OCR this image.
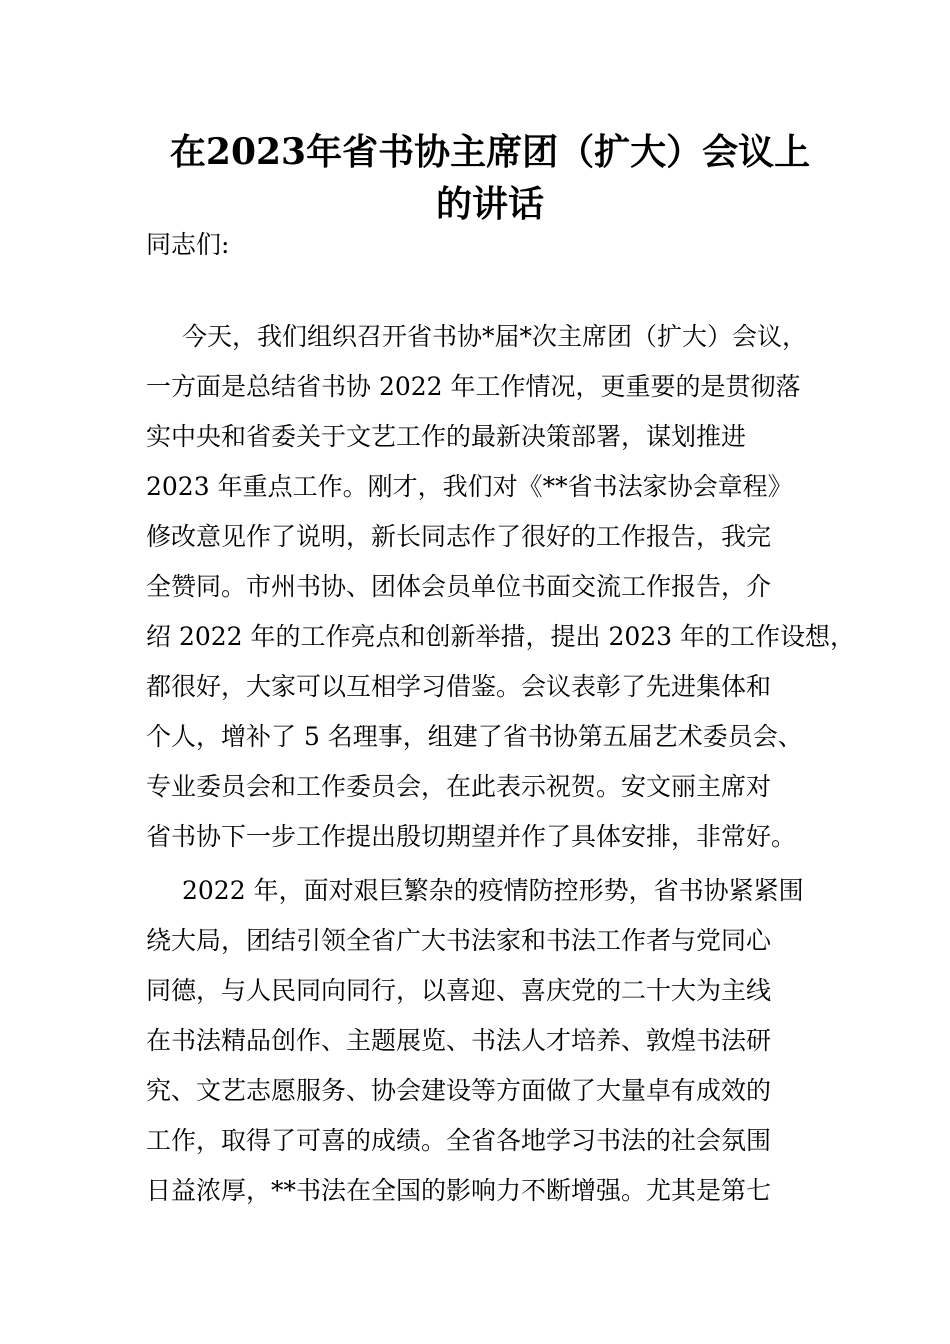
在2023年省书协主席团（扩大）会议上
的讲话
同志们:
今天，我们组织召开省书协*届*次主席团（扩大）会议，
一方面是总结省书协 2022 年工作情况，更重要的是贯彻落
实中央和省委关于文艺工作的最新决策部署，谋划推进
2023 年重点工作。刚才，我们对《**省书法家协会章程》
修改意见作了说明，新长同志作了很好的工作报告，我完
全赞同。市州书协、团体会员单位书面交流工作报告，介
绍 2022 年的工作亮点和创新举措，提出 2023 年的工作设想，
都很好，大家可以互相学习借鉴。会议表彰了先进集体和
个人，增补了 5 名理事，组建了省书协第五届艺术委员会、
专业委员会和工作委员会，在此表示祝贺。安文丽主席对
省书协下一步工作提出殷切期望并作了具体安排，非常好。
2022 年，面对艰巨繁杂的疫情防控形势，省书协紧紧围
绕大局，团结引领全省广大书法家和书法工作者与党同心
同德，与人民同向同行，以喜迎、喜庆党的二十大为主线
在书法精品创作、主题展览、书法人才培养、敦煌书法研
究、文艺志愿服务、协会建设等方面做了大量卓有成效的
工作，取得了可喜的成绩。全省各地学习书法的社会氛围
日益浓厚，**书法在全国的影响力不断增强。尤其是第七
